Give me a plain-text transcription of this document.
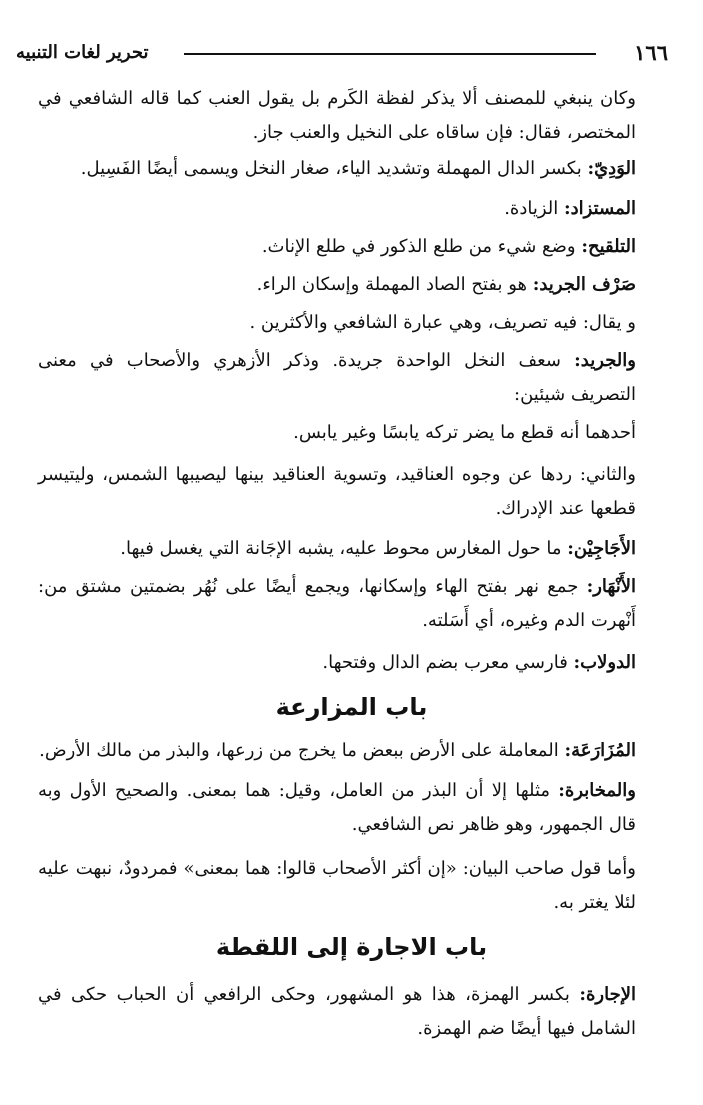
١٦٦
تحرير لغات التنبيه
وكان ينبغي للمصنف ألا يذكر لفظة الكَرم بل يقول العنب كما قاله الشافعي في المختصر، فقال: فإن ساقاه على النخيل والعنب جاز.
الوَدِيّ: بكسر الدال المهملة وتشديد الياء، صغار النخل ويسمى أيضًا الفَسِيل.
المستزاد: الزيادة.
التلقيح: وضع شيء من طلع الذكور في طلع الإناث.
صَرْف الجريد: هو بفتح الصاد المهملة وإسكان الراء.
و يقال: فيه تصريف، وهي عبارة الشافعي والأكثرين .
والجريد: سعف النخل الواحدة جريدة. وذكر الأزهري والأصحاب في معنى التصريف شيئين:
أحدهما أنه قطع ما يضر تركه يابسًا وغير يابس.
والثاني: ردها عن وجوه العناقيد، وتسوية العناقيد بينها ليصيبها الشمس، وليتيسر قطعها عند الإدراك.
الأَجَاجِيْن: ما حول المغارس محوط عليه، يشبه الإجَانة التي يغسل فيها.
الأَنْهَار: جمع نهر بفتح الهاء وإسكانها، ويجمع أيضًا على نُهُر بضمتين مشتق من: أَنْهرت الدم وغيره، أي أَسَلته.
الدولاب: فارسي معرب بضم الدال وفتحها.
باب المزارعة
المُزَارَعَة: المعاملة على الأرض ببعض ما يخرج من زرعها، والبذر من مالك الأرض.
والمخابرة: مثلها إلا أن البذر من العامل، وقيل: هما بمعنى. والصحيح الأول وبه قال الجمهور، وهو ظاهر نص الشافعي.
وأما قول صاحب البيان: «إن أكثر الأصحاب قالوا: هما بمعنى» فمردودٌ، نبهت عليه لئلا يغتر به.
باب الاجارة إلى اللقطة
الإجارة: بكسر الهمزة، هذا هو المشهور، وحكى الرافعي أن الحباب حكى في الشامل فيها أيضًا ضم الهمزة.
